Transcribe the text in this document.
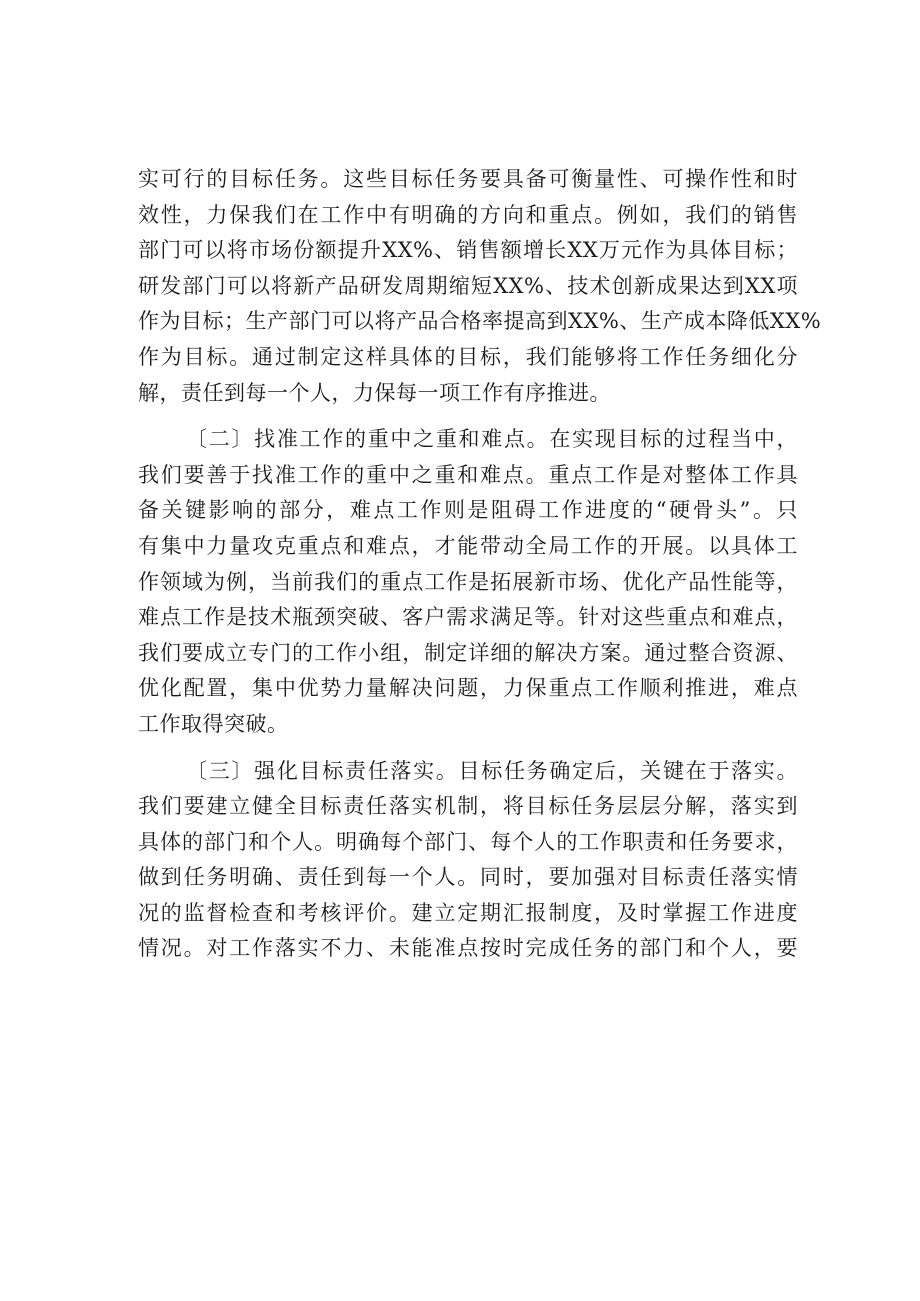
实可行的目标任务。这些目标任务要具备可衡量性、可操作性和时
效性，力保我们在工作中有明确的方向和重点。例如，我们的销售
部门可以将市场份额提升XX%、销售额增长XX万元作为具体目标；
研发部门可以将新产品研发周期缩短XX%、技术创新成果达到XX项
作为目标；生产部门可以将产品合格率提高到XX%、生产成本降低XX%
作为目标。通过制定这样具体的目标，我们能够将工作任务细化分
解，责任到每一个人，力保每一项工作有序推进。
〔二〕找准工作的重中之重和难点。在实现目标的过程当中，
我们要善于找准工作的重中之重和难点。重点工作是对整体工作具
备关键影响的部分，难点工作则是阻碍工作进度的“硬骨头”。只
有集中力量攻克重点和难点，才能带动全局工作的开展。以具体工
作领域为例，当前我们的重点工作是拓展新市场、优化产品性能等，
难点工作是技术瓶颈突破、客户需求满足等。针对这些重点和难点，
我们要成立专门的工作小组，制定详细的解决方案。通过整合资源、
优化配置，集中优势力量解决问题，力保重点工作顺利推进，难点
工作取得突破。
〔三〕强化目标责任落实。目标任务确定后，关键在于落实。
我们要建立健全目标责任落实机制，将目标任务层层分解，落实到
具体的部门和个人。明确每个部门、每个人的工作职责和任务要求，
做到任务明确、责任到每一个人。同时，要加强对目标责任落实情
况的监督检查和考核评价。建立定期汇报制度，及时掌握工作进度
情况。对工作落实不力、未能准点按时完成任务的部门和个人，要
